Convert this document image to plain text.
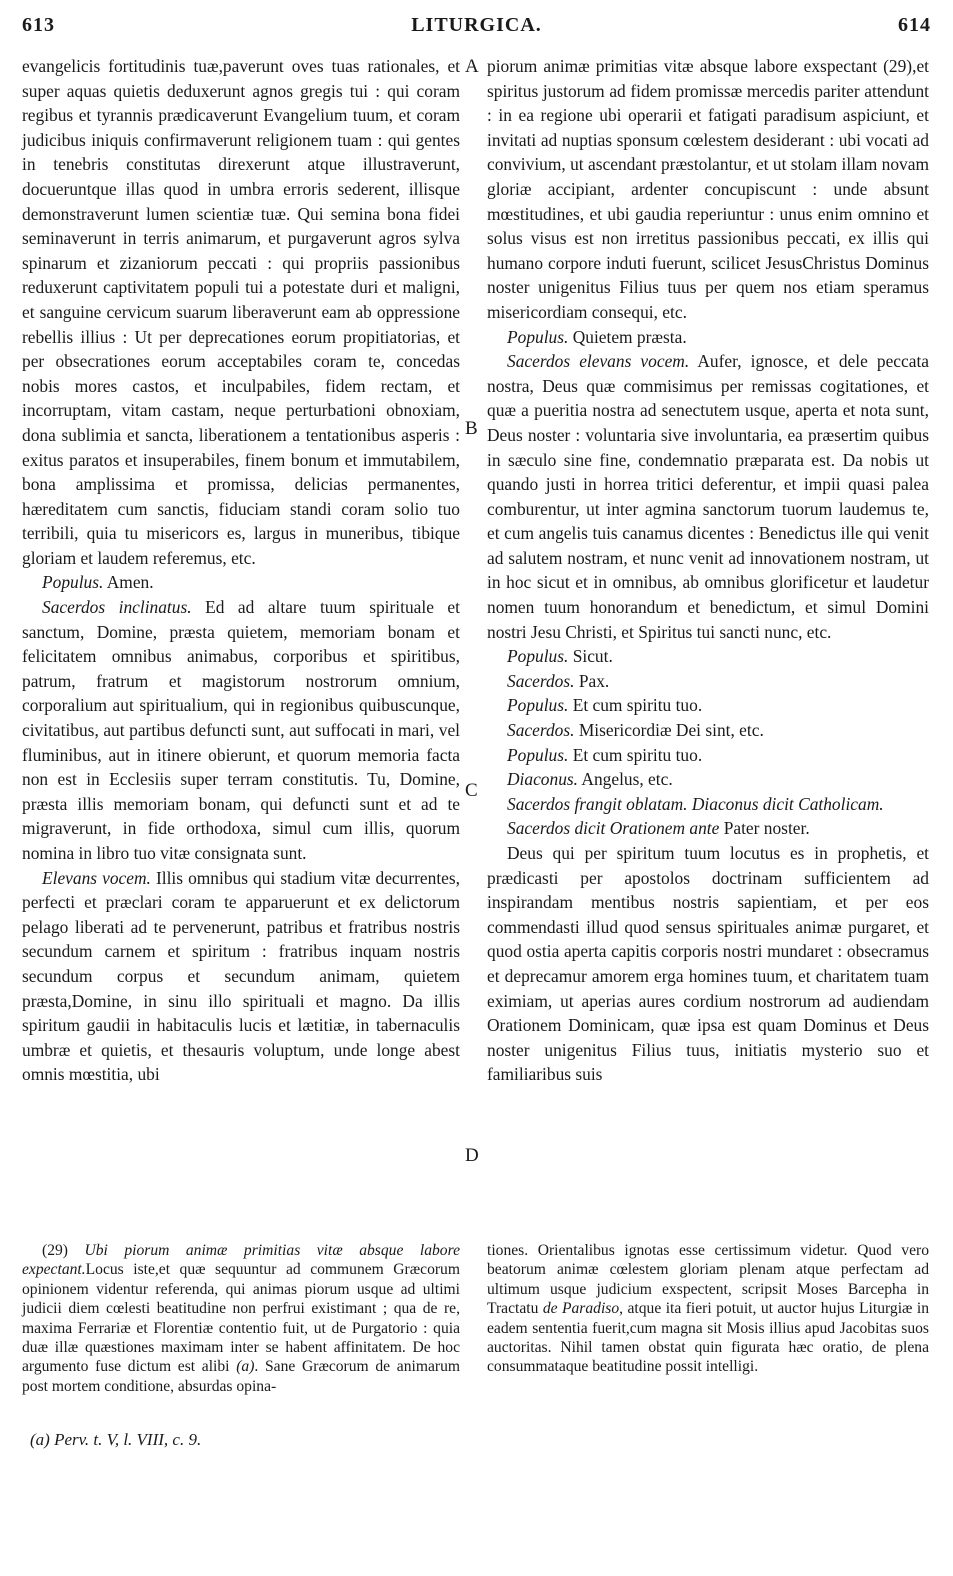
613	LITURGICA.	614
A
B
C
D

evangelicis fortitudinis tuæ,paverunt oves tuas rationales, et super aquas quietis deduxerunt agnos gregis tui : qui coram regibus et tyrannis prædicaverunt Evangelium tuum, et coram judicibus iniquis confirmaverunt religionem tuam : qui gentes in tenebris constitutas direxerunt atque illustraverunt, docueruntque illas quod in umbra erroris sederent, illisque demonstraverunt lumen scientiæ tuæ. Qui semina bona fidei seminaverunt in terris animarum, et purgaverunt agros sylva spinarum et zizaniorum peccati : qui propriis passionibus reduxerunt captivitatem populi tui a potestate duri et maligni, et sanguine cervicum suarum liberaverunt eam ab oppressione rebellis illius : Ut per deprecationes eorum propitiatorias, et per obsecrationes eorum acceptabiles coram te, concedas nobis mores castos, et inculpabiles, fidem rectam, et incorruptam, vitam castam, neque perturbationi obnoxiam, dona sublimia et sancta, liberationem a tentationibus asperis : exitus paratos et insuperabiles, finem bonum et immutabilem, bona amplissima et promissa, delicias permanentes, hæreditatem cum sanctis, fiduciam standi coram solio tuo terribili, quia tu misericors es, largus in muneribus, tibique gloriam et laudem referemus, etc.

Populus. Amen.

Sacerdos inclinatus. Ed ad altare tuum spirituale et sanctum, Domine, præsta quietem, memoriam bonam et felicitatem omnibus animabus, corporibus et spiritibus, patrum, fratrum et magistorum nostrorum omnium, corporalium aut spiritualium, qui in regionibus quibuscunque, civitatibus, aut partibus defuncti sunt, aut suffocati in mari, vel fluminibus, aut in itinere obierunt, et quorum memoria facta non est in Ecclesiis super terram constitutis. Tu, Domine, præsta illis memoriam bonam, qui defuncti sunt et ad te migraverunt, in fide orthodoxa, simul cum illis, quorum nomina in libro tuo vitæ consignata sunt.

Elevans vocem. Illis omnibus qui stadium vitæ decurrentes, perfecti et præclari coram te apparuerunt et ex delictorum pelago liberati ad te pervenerunt, patribus et fratribus nostris secundum carnem et spiritum : fratribus inquam nostris secundum corpus et secundum animam, quietem præsta,Domine, in sinu illo spirituali et magno. Da illis spiritum gaudii in habitaculis lucis et lætitiæ, in tabernaculis umbræ et quietis, et thesauris voluptum, unde longe abest omnis mœstitia, ubi

piorum animæ primitias vitæ absque labore exspectant (29),et spiritus justorum ad fidem promissæ mercedis pariter attendunt : in ea regione ubi operarii et fatigati paradisum aspiciunt, et invitati ad nuptias sponsum cœlestem desiderant : ubi vocati ad convivium, ut ascendant præstolantur, et ut stolam illam novam gloriæ accipiant, ardenter concupiscunt : unde absunt mœstitudines, et ubi gaudia reperiuntur : unus enim omnino et solus visus est non irretitus passionibus peccati, ex illis qui humano corpore induti fuerunt, scilicet JesusChristus Dominus noster unigenitus Filius tuus per quem nos etiam speramus misericordiam consequi, etc.

Populus. Quietem præsta.

Sacerdos elevans vocem. Aufer, ignosce, et dele peccata nostra, Deus quæ commisimus per remissas cogitationes, et quæ a pueritia nostra ad senectutem usque, aperta et nota sunt, Deus noster : voluntaria sive involuntaria, ea præsertim quibus in sæculo sine fine, condemnatio præparata est. Da nobis ut quando justi in horrea tritici deferentur, et impii quasi palea comburentur, ut inter agmina sanctorum tuorum laudemus te, et cum angelis tuis canamus dicentes : Benedictus ille qui venit ad salutem nostram, et nunc venit ad innovationem nostram, ut in hoc sicut et in omnibus, ab omnibus glorificetur et laudetur nomen tuum honorandum et benedictum, et simul Domini nostri Jesu Christi, et Spiritus tui sancti nunc, etc.

Populus. Sicut.

Sacerdos. Pax.

Populus. Et cum spiritu tuo.

Sacerdos. Misericordiæ Dei sint, etc.

Populus. Et cum spiritu tuo.

Diaconus. Angelus, etc.

Sacerdos frangit oblatam. Diaconus dicit Catholicam.

Sacerdos dicit Orationem ante Pater noster.

Deus qui per spiritum tuum locutus es in prophetis, et prædicasti per apostolos doctrinam sufficientem ad inspirandam mentibus nostris sapientiam, et per eos commendasti illud quod sensus spirituales animæ purgaret, et quod ostia aperta capitis corporis nostri mundaret : obsecramus et deprecamur amorem erga homines tuum, et charitatem tuam eximiam, ut aperias aures cordium nostrorum ad audiendam Orationem Dominicam, quæ ipsa est quam Dominus et Deus noster unigenitus Filius tuus, initiatis mysterio suo et familiaribus suis

(29) Ubi piorum animæ primitias vitæ absque labore expectant.Locus iste,et quæ sequuntur ad communem Græcorum opinionem videntur referenda, qui animas piorum usque ad ultimi judicii diem cœlesti beatitudine non perfrui existimant ; qua de re, maxima Ferrariæ et Florentiæ contentio fuit, ut de Purgatorio : quia duæ illæ quæstiones maximam inter se habent affinitatem. De hoc argumento fuse dictum est alibi (a). Sane Græcorum de animarum post mortem conditione, absurdas opina-

tiones. Orientalibus ignotas esse certissimum videtur. Quod vero beatorum animæ cœlestem gloriam plenam atque perfectam ad ultimum usque judicium exspectent, scripsit Moses Barcepha in Tractatu de Paradiso, atque ita fieri potuit, ut auctor hujus Liturgiæ in eadem sententia fuerit,cum magna sit Mosis illius apud Jacobitas suos auctoritas. Nihil tamen obstat quin figurata hæc oratio, de plena consummataque beatitudine possit intelligi.

(a) Perv. t. V, l. VIII, c. 9.
